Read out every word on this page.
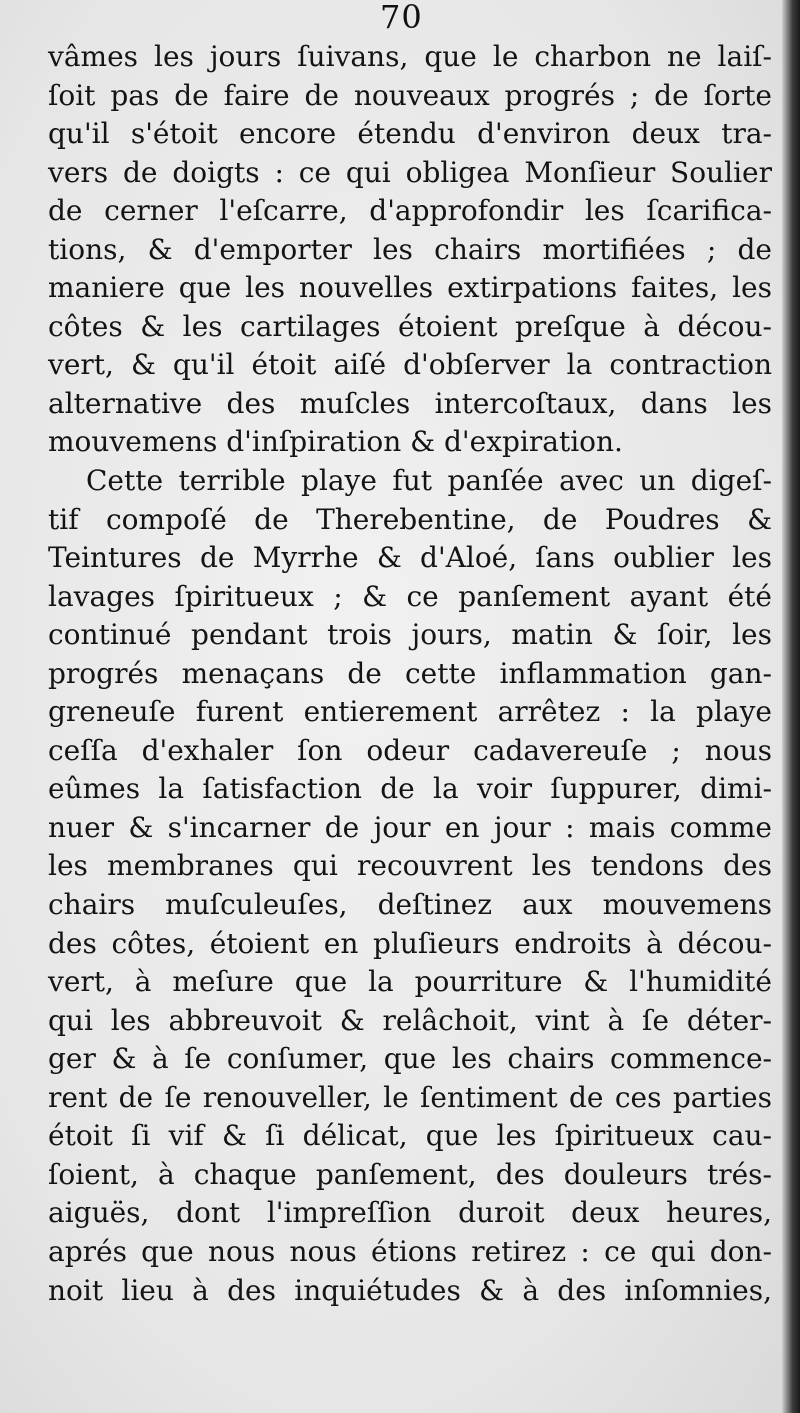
70
vâmes les jours ſuivans, que le charbon ne laiſ-
ſoit pas de faire de nouveaux progrés ; de ſorte
qu'il s'étoit encore étendu d'environ deux tra-
vers de doigts : ce qui obligea Monſieur Soulier
de cerner l'eſcarre, d'approfondir les ſcarifica-
tions, & d'emporter les chairs mortifiées ; de
maniere que les nouvelles extirpations faites, les
côtes & les cartilages étoient preſque à décou-
vert, & qu'il étoit aiſé d'obſerver la contraction
alternative des muſcles intercoſtaux, dans les
mouvemens d'inſpiration & d'expiration.
Cette terrible playe fut panſée avec un digeſ-
tif compoſé de Therebentine, de Poudres &
Teintures de Myrrhe & d'Aloé, ſans oublier les
lavages ſpiritueux ; & ce panſement ayant été
continué pendant trois jours, matin & ſoir, les
progrés menaçans de cette inflammation gan-
greneuſe furent entierement arrêtez : la playe
ceſſa d'exhaler ſon odeur cadavereuſe ; nous
eûmes la ſatisfaction de la voir ſuppurer, dimi-
nuer & s'incarner de jour en jour : mais comme
les membranes qui recouvrent les tendons des
chairs muſculeuſes, deſtinez aux mouvemens
des côtes, étoient en pluſieurs endroits à décou-
vert, à meſure que la pourriture & l'humidité
qui les abbreuvoit & relâchoit, vint à ſe déter-
ger & à ſe conſumer, que les chairs commence-
rent de ſe renouveller, le ſentiment de ces parties
étoit ſi vif & ſi délicat, que les ſpiritueux cau-
ſoient, à chaque panſement, des douleurs trés-
aiguës, dont l'impreſſion duroit deux heures,
aprés que nous nous étions retirez : ce qui don-
noit lieu à des inquiétudes & à des inſomnies,
